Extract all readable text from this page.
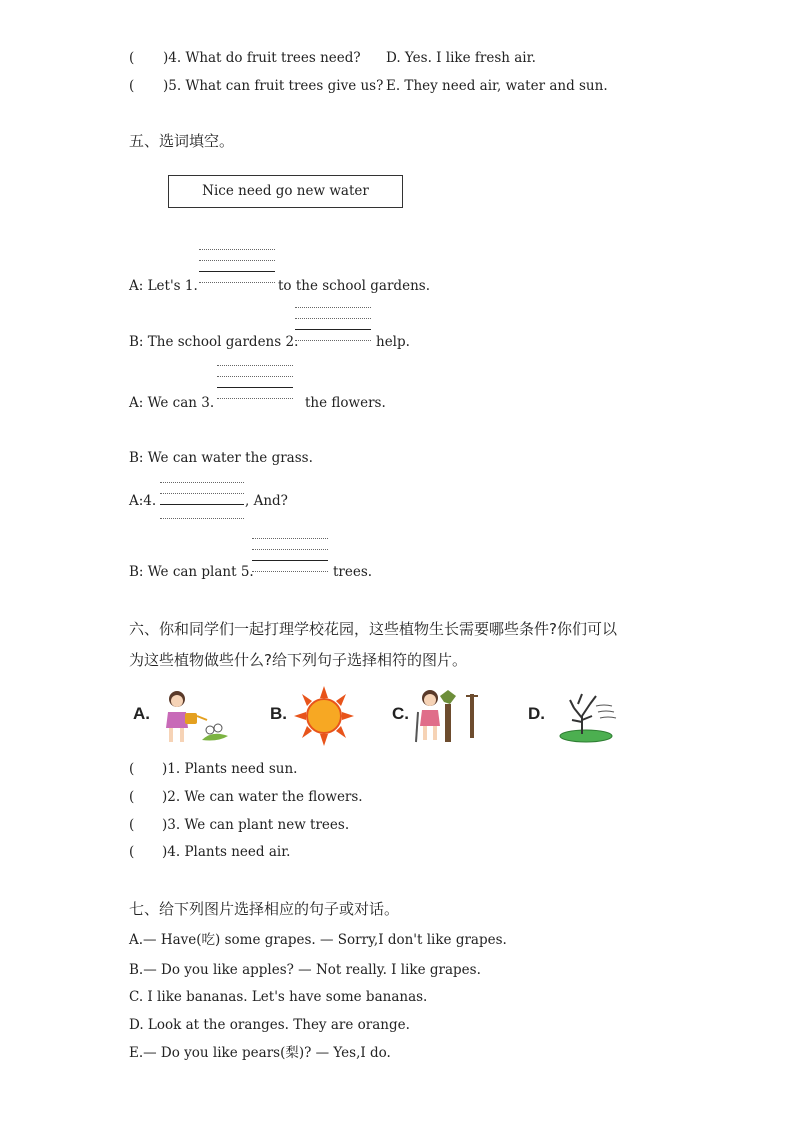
( )4. What do fruit trees need? D. Yes. I like fresh air.
( )5. What can fruit trees give us? E. They need air, water and sun.
五、选词填空。
Nice need go new water
A: Let's 1.	to the school gardens.
B: The school gardens 2.	help.
A: We can 3.	the flowers.
B: We can water the grass.
A:4.	, And?
B: We can plant 5.	trees.
六、你和同学们一起打理学校花园，这些植物生长需要哪些条件?你们可以
为这些植物做些什么?给下列句子选择相符的图片。
A.	B.	C.	D.
( )1. Plants need sun.
( )2. We can water the flowers.
( )3. We can plant new trees.
( )4. Plants need air.
七、给下列图片选择相应的句子或对话。
A.— Have(吃) some grapes. — Sorry,I don't like grapes.
B.— Do you like apples? — Not really. I like grapes.
C. I like bananas. Let's have some bananas.
D. Look at the oranges. They are orange.
E.— Do you like pears(梨)? — Yes,I do.
